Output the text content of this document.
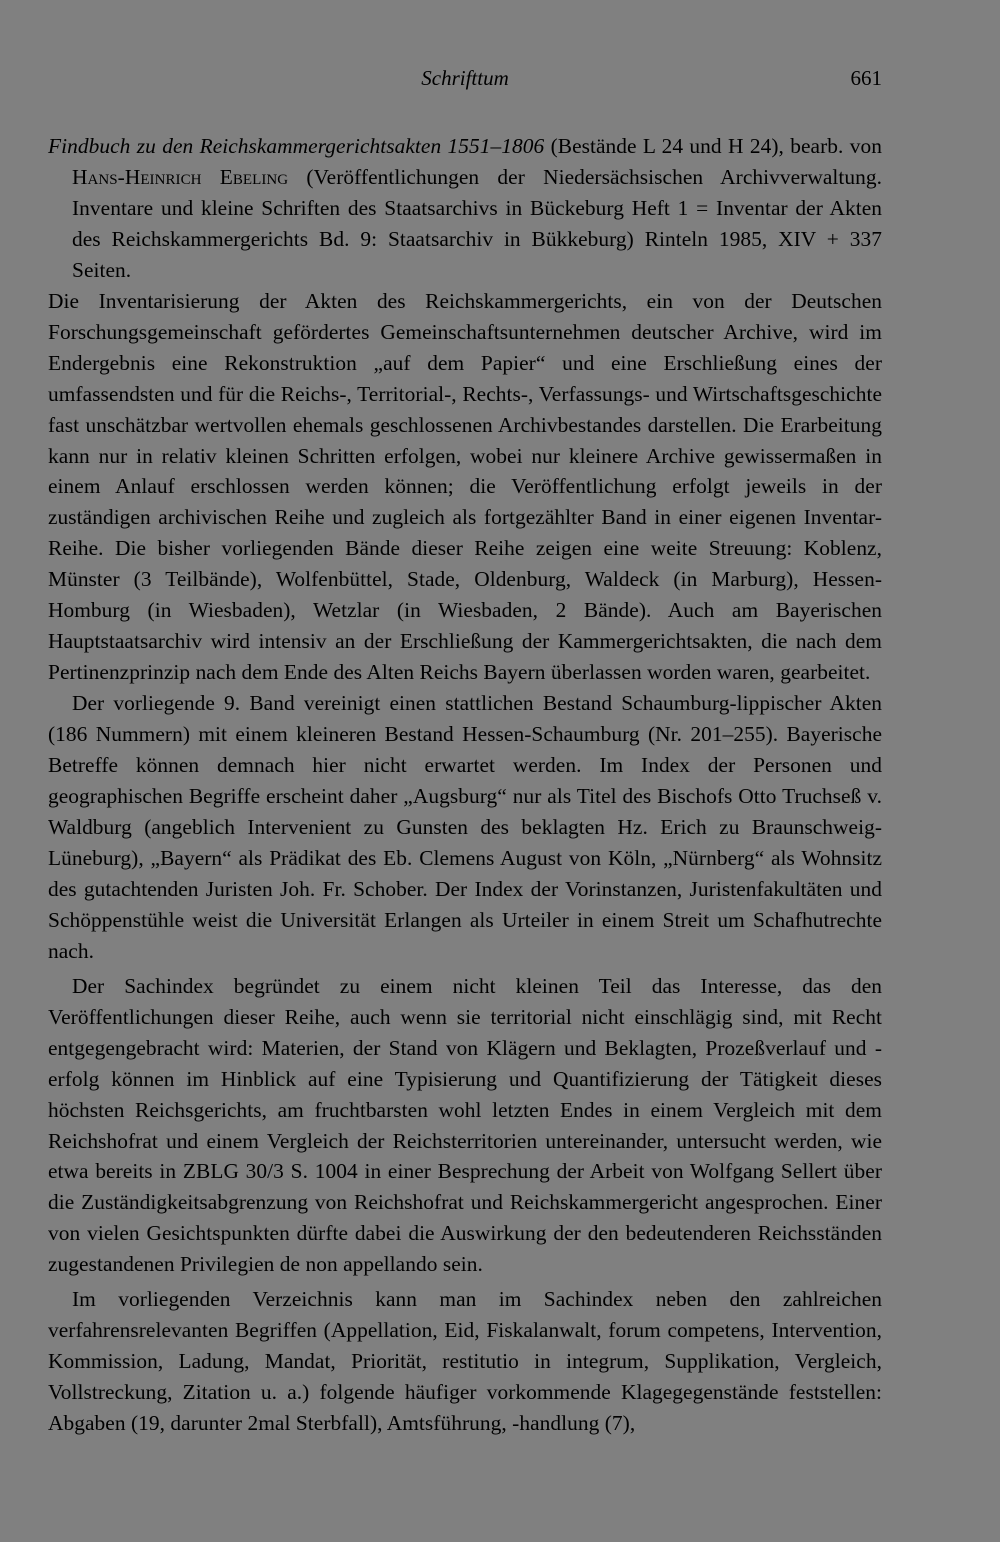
Schrifttum	661

Findbuch zu den Reichskammergerichtsakten 1551–1806 (Bestände L 24 und H 24), bearb. von Hans-Heinrich Ebeling (Veröffentlichungen der Niedersächsischen Archivverwaltung. Inventare und kleine Schriften des Staatsarchivs in Bückeburg Heft 1 = Inventar der Akten des Reichskammergerichts Bd. 9: Staatsarchiv in Bükkeburg) Rinteln 1985, XIV + 337 Seiten.

Die Inventarisierung der Akten des Reichskammergerichts, ein von der Deutschen Forschungsgemeinschaft gefördertes Gemeinschaftsunternehmen deutscher Archive, wird im Endergebnis eine Rekonstruktion „auf dem Papier“ und eine Erschließung eines der umfassendsten und für die Reichs-, Territorial-, Rechts-, Verfassungs- und Wirtschaftsgeschichte fast unschätzbar wertvollen ehemals geschlossenen Archivbestandes darstellen. Die Erarbeitung kann nur in relativ kleinen Schritten erfolgen, wobei nur kleinere Archive gewissermaßen in einem Anlauf erschlossen werden können; die Veröffentlichung erfolgt jeweils in der zuständigen archivischen Reihe und zugleich als fortgezählter Band in einer eigenen Inventar-Reihe. Die bisher vorliegenden Bände dieser Reihe zeigen eine weite Streuung: Koblenz, Münster (3 Teilbände), Wolfenbüttel, Stade, Oldenburg, Waldeck (in Marburg), Hessen-Homburg (in Wiesbaden), Wetzlar (in Wiesbaden, 2 Bände). Auch am Bayerischen Hauptstaatsarchiv wird intensiv an der Erschließung der Kammergerichtsakten, die nach dem Pertinenzprinzip nach dem Ende des Alten Reichs Bayern überlassen worden waren, gearbeitet.

Der vorliegende 9. Band vereinigt einen stattlichen Bestand Schaumburg-lippischer Akten (186 Nummern) mit einem kleineren Bestand Hessen-Schaumburg (Nr. 201–255). Bayerische Betreffe können demnach hier nicht erwartet werden. Im Index der Personen und geographischen Begriffe erscheint daher „Augsburg“ nur als Titel des Bischofs Otto Truchseß v. Waldburg (angeblich Intervenient zu Gunsten des beklagten Hz. Erich zu Braunschweig-Lüneburg), „Bayern“ als Prädikat des Eb. Clemens August von Köln, „Nürnberg“ als Wohnsitz des gutachtenden Juristen Joh. Fr. Schober. Der Index der Vorinstanzen, Juristenfakultäten und Schöppenstühle weist die Universität Erlangen als Urteiler in einem Streit um Schafhutrechte nach.

Der Sachindex begründet zu einem nicht kleinen Teil das Interesse, das den Veröffentlichungen dieser Reihe, auch wenn sie territorial nicht einschlägig sind, mit Recht entgegengebracht wird: Materien, der Stand von Klägern und Beklagten, Prozeßverlauf und -erfolg können im Hinblick auf eine Typisierung und Quantifizierung der Tätigkeit dieses höchsten Reichsgerichts, am fruchtbarsten wohl letzten Endes in einem Vergleich mit dem Reichshofrat und einem Vergleich der Reichsterritorien untereinander, untersucht werden, wie etwa bereits in ZBLG 30/3 S. 1004 in einer Besprechung der Arbeit von Wolfgang Sellert über die Zuständigkeitsabgrenzung von Reichshofrat und Reichskammergericht angesprochen. Einer von vielen Gesichtspunkten dürfte dabei die Auswirkung der den bedeutenderen Reichsständen zugestandenen Privilegien de non appellando sein.

Im vorliegenden Verzeichnis kann man im Sachindex neben den zahlreichen verfahrensrelevanten Begriffen (Appellation, Eid, Fiskalanwalt, forum competens, Intervention, Kommission, Ladung, Mandat, Priorität, restitutio in integrum, Supplikation, Vergleich, Vollstreckung, Zitation u. a.) folgende häufiger vorkommende Klagegegenstände feststellen: Abgaben (19, darunter 2mal Sterbfall), Amtsführung, -handlung (7),
